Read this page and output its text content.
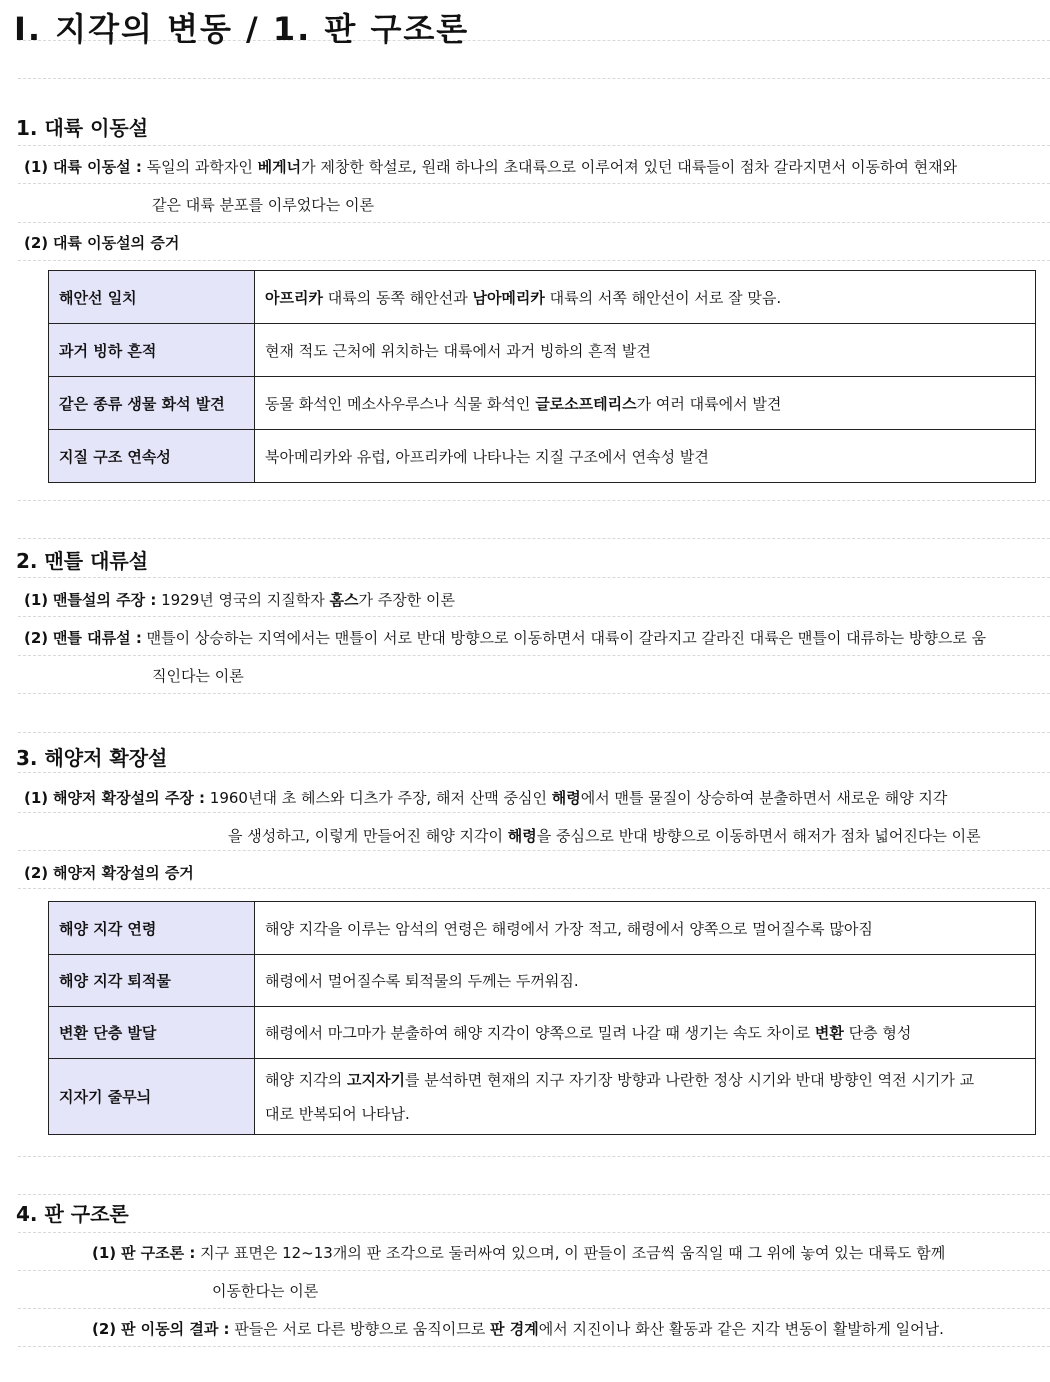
I. 지각의 변동 / 1. 판 구조론
1. 대륙 이동설
(1) 대륙 이동설 : 독일의 과학자인 베게너가 제창한 학설로, 원래 하나의 초대륙으로 이루어져 있던 대륙들이 점차 갈라지면서 이동하여 현재와
같은 대륙 분포를 이루었다는 이론
(2) 대륙 이동설의 증거
해안선 일치	아프리카 대륙의 동쪽 해안선과 남아메리카 대륙의 서쪽 해안선이 서로 잘 맞음.
과거 빙하 흔적	현재 적도 근처에 위치하는 대륙에서 과거 빙하의 흔적 발견
같은 종류 생물 화석 발견	동물 화석인 메소사우루스나 식물 화석인 글로소프테리스가 여러 대륙에서 발견
지질 구조 연속성	북아메리카와 유럽, 아프리카에 나타나는 지질 구조에서 연속성 발견
2. 맨틀 대류설
(1) 맨틀설의 주장 : 1929년 영국의 지질학자 홈스가 주장한 이론
(2) 맨틀 대류설 : 맨틀이 상승하는 지역에서는 맨틀이 서로 반대 방향으로 이동하면서 대륙이 갈라지고 갈라진 대륙은 맨틀이 대류하는 방향으로 움
직인다는 이론
3. 해양저 확장설
(1) 해양저 확장설의 주장 : 1960년대 초 헤스와 디츠가 주장, 해저 산맥 중심인 해령에서 맨틀 물질이 상승하여 분출하면서 새로운 해양 지각
을 생성하고, 이렇게 만들어진 해양 지각이 해령을 중심으로 반대 방향으로 이동하면서 해저가 점차 넓어진다는 이론
(2) 해양저 확장설의 증거
해양 지각 연령	해양 지각을 이루는 암석의 연령은 해령에서 가장 적고, 해령에서 양쪽으로 멀어질수록 많아짐
해양 지각 퇴적물	해령에서 멀어질수록 퇴적물의 두께는 두꺼워짐.
변환 단층 발달	해령에서 마그마가 분출하여 해양 지각이 양쪽으로 밀려 나갈 때 생기는 속도 차이로 변환 단층 형성
지자기 줄무늬	해양 지각의 고지자기를 분석하면 현재의 지구 자기장 방향과 나란한 정상 시기와 반대 방향인 역전 시기가 교
대로 반복되어 나타남.
4. 판 구조론
(1) 판 구조론 : 지구 표면은 12~13개의 판 조각으로 둘러싸여 있으며, 이 판들이 조금씩 움직일 때 그 위에 놓여 있는 대륙도 함께
이동한다는 이론
(2) 판 이동의 결과 : 판들은 서로 다른 방향으로 움직이므로 판 경계에서 지진이나 화산 활동과 같은 지각 변동이 활발하게 일어남.
